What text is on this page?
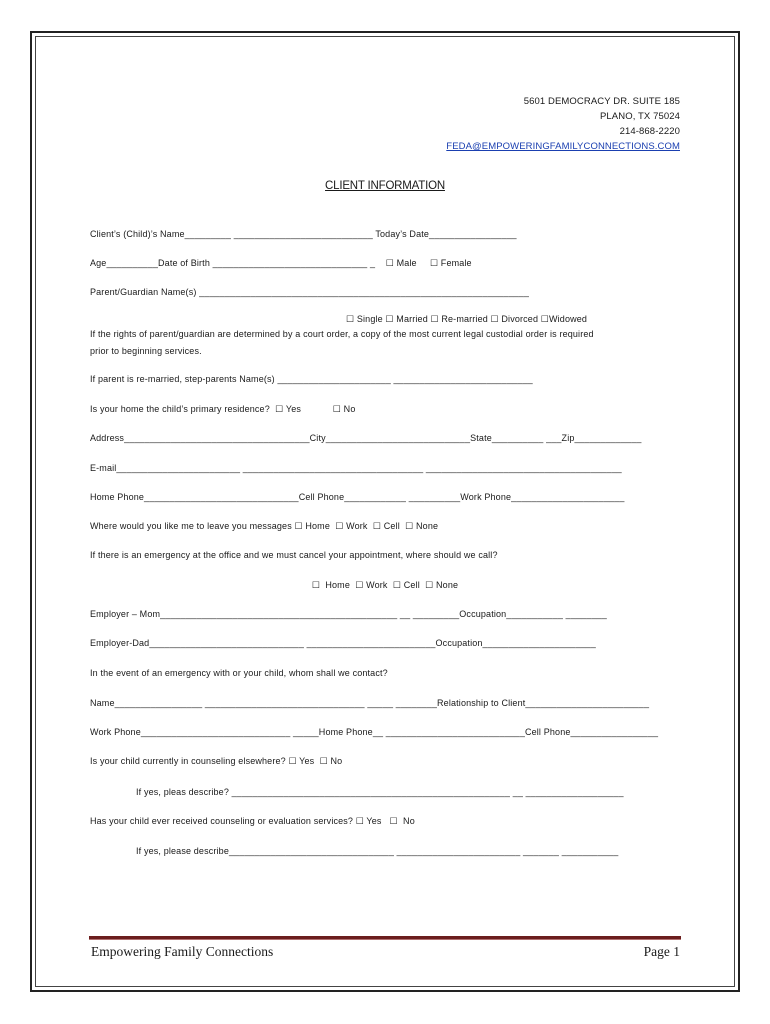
5601 DEMOCRACY DR. SUITE 185
PLANO, TX 75024
214-868-2220
FEDA@EMPOWERINGFAMILYCONNECTIONS.COM
CLIENT INFORMATION
Client’s (Child)’s Name_________ ___________________________ Today’s Date_________________
Age__________Date of Birth ______________________________ _    ☐ Male     ☐ Female
Parent/Guardian Name(s) ________________________________________________________________
☐ Single ☐ Married ☐ Re-married ☐ Divorced ☐Widowed
If the rights of parent/guardian are determined by a court order, a copy of the most current legal custodial order is required
prior to beginning services.
If parent is re-married, step-parents Name(s) ______________________ ___________________________
Is your home the child’s primary residence?  ☐ Yes            ☐ No
Address____________________________________City____________________________State__________ ___Zip_____________
E-mail________________________ ___________________________________ ______________________________________
Home Phone______________________________Cell Phone____________ __________Work Phone______________________
Where would you like me to leave you messages ☐ Home  ☐ Work  ☐ Cell  ☐ None
If there is an emergency at the office and we must cancel your appointment, where should we call?
☐  Home  ☐ Work  ☐ Cell  ☐ None
Employer – Mom______________________________________________ __ _________Occupation___________ ________
Employer-Dad______________________________ _________________________Occupation______________________
In the event of an emergency with or your child, whom shall we contact?
Name_________________ _______________________________ _____ ________Relationship to Client________________________
Work Phone_____________________________ _____Home Phone__ ___________________________Cell Phone_________________
Is your child currently in counseling elsewhere? ☐ Yes  ☐ No
If yes, pleas describe? ______________________________________________________ __ ___________________
Has your child ever received counseling or evaluation services? ☐ Yes   ☐  No
If yes, please describe________________________________ ________________________ _______ ___________
Empowering Family Connections	Page 1
